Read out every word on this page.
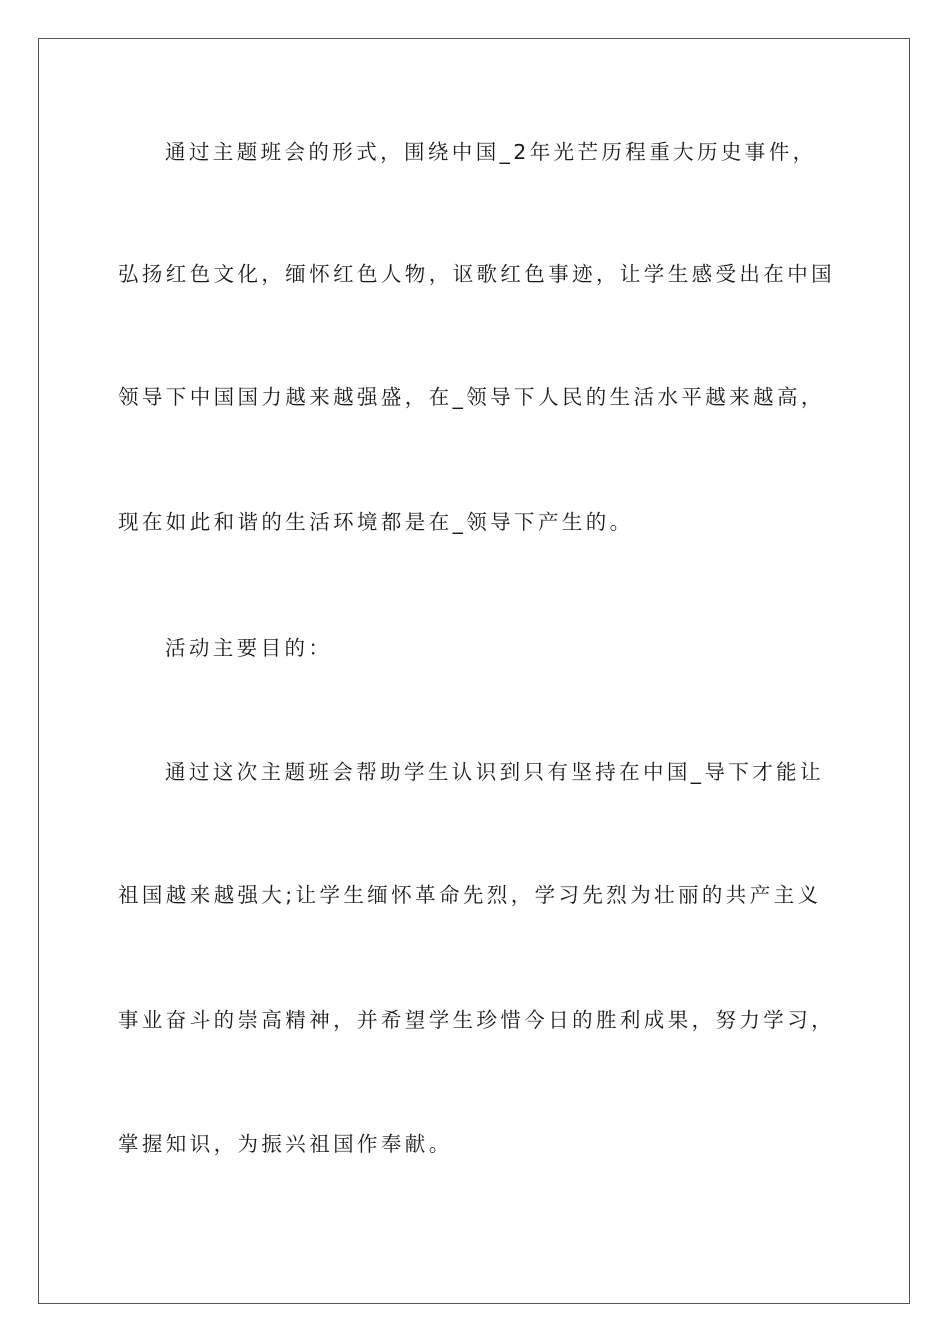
通过主题班会的形式，围绕中国_2年光芒历程重大历史事件，
弘扬红色文化，缅怀红色人物，讴歌红色事迹，让学生感受出在中国
领导下中国国力越来越强盛，在_领导下人民的生活水平越来越高，
现在如此和谐的生活环境都是在_领导下产生的。
活动主要目的：
通过这次主题班会帮助学生认识到只有坚持在中国_导下才能让
祖国越来越强大;让学生缅怀革命先烈，学习先烈为壮丽的共产主义
事业奋斗的崇高精神，并希望学生珍惜今日的胜利成果，努力学习，
掌握知识，为振兴祖国作奉献。
